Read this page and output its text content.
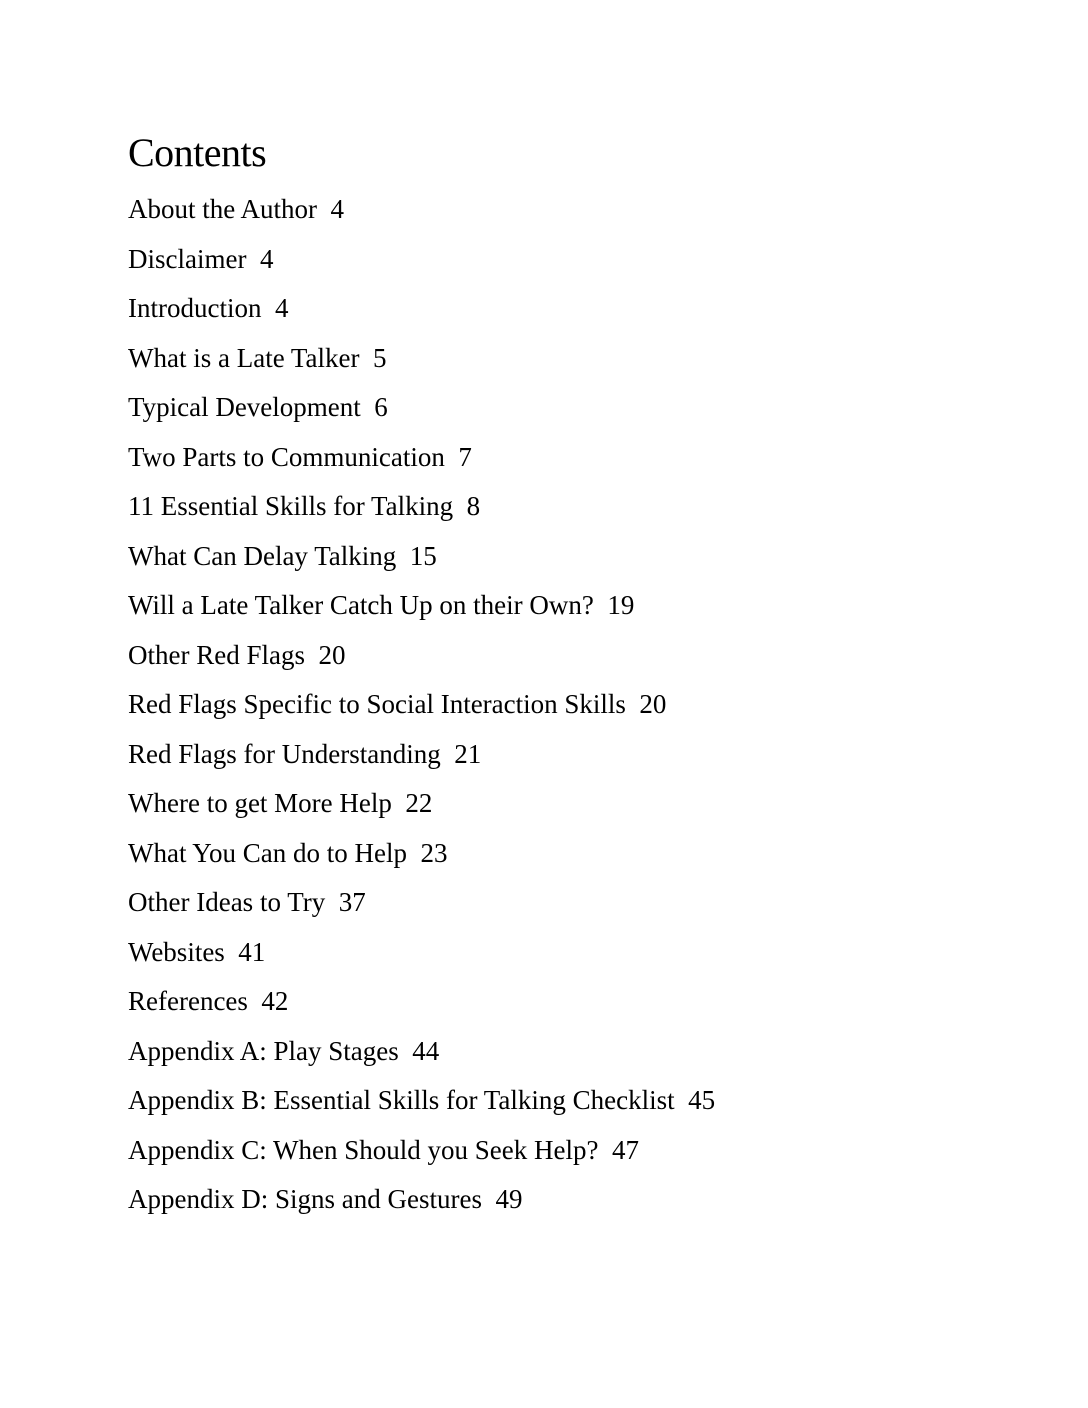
Contents
About the Author  4
Disclaimer  4
Introduction  4
What is a Late Talker  5
Typical Development  6
Two Parts to Communication  7
11 Essential Skills for Talking  8
What Can Delay Talking  15
Will a Late Talker Catch Up on their Own?  19
Other Red Flags  20
Red Flags Specific to Social Interaction Skills  20
Red Flags for Understanding  21
Where to get More Help  22
What You Can do to Help  23
Other Ideas to Try  37
Websites  41
References  42
Appendix A: Play Stages  44
Appendix B: Essential Skills for Talking Checklist  45
Appendix C: When Should you Seek Help?  47
Appendix D: Signs and Gestures  49
